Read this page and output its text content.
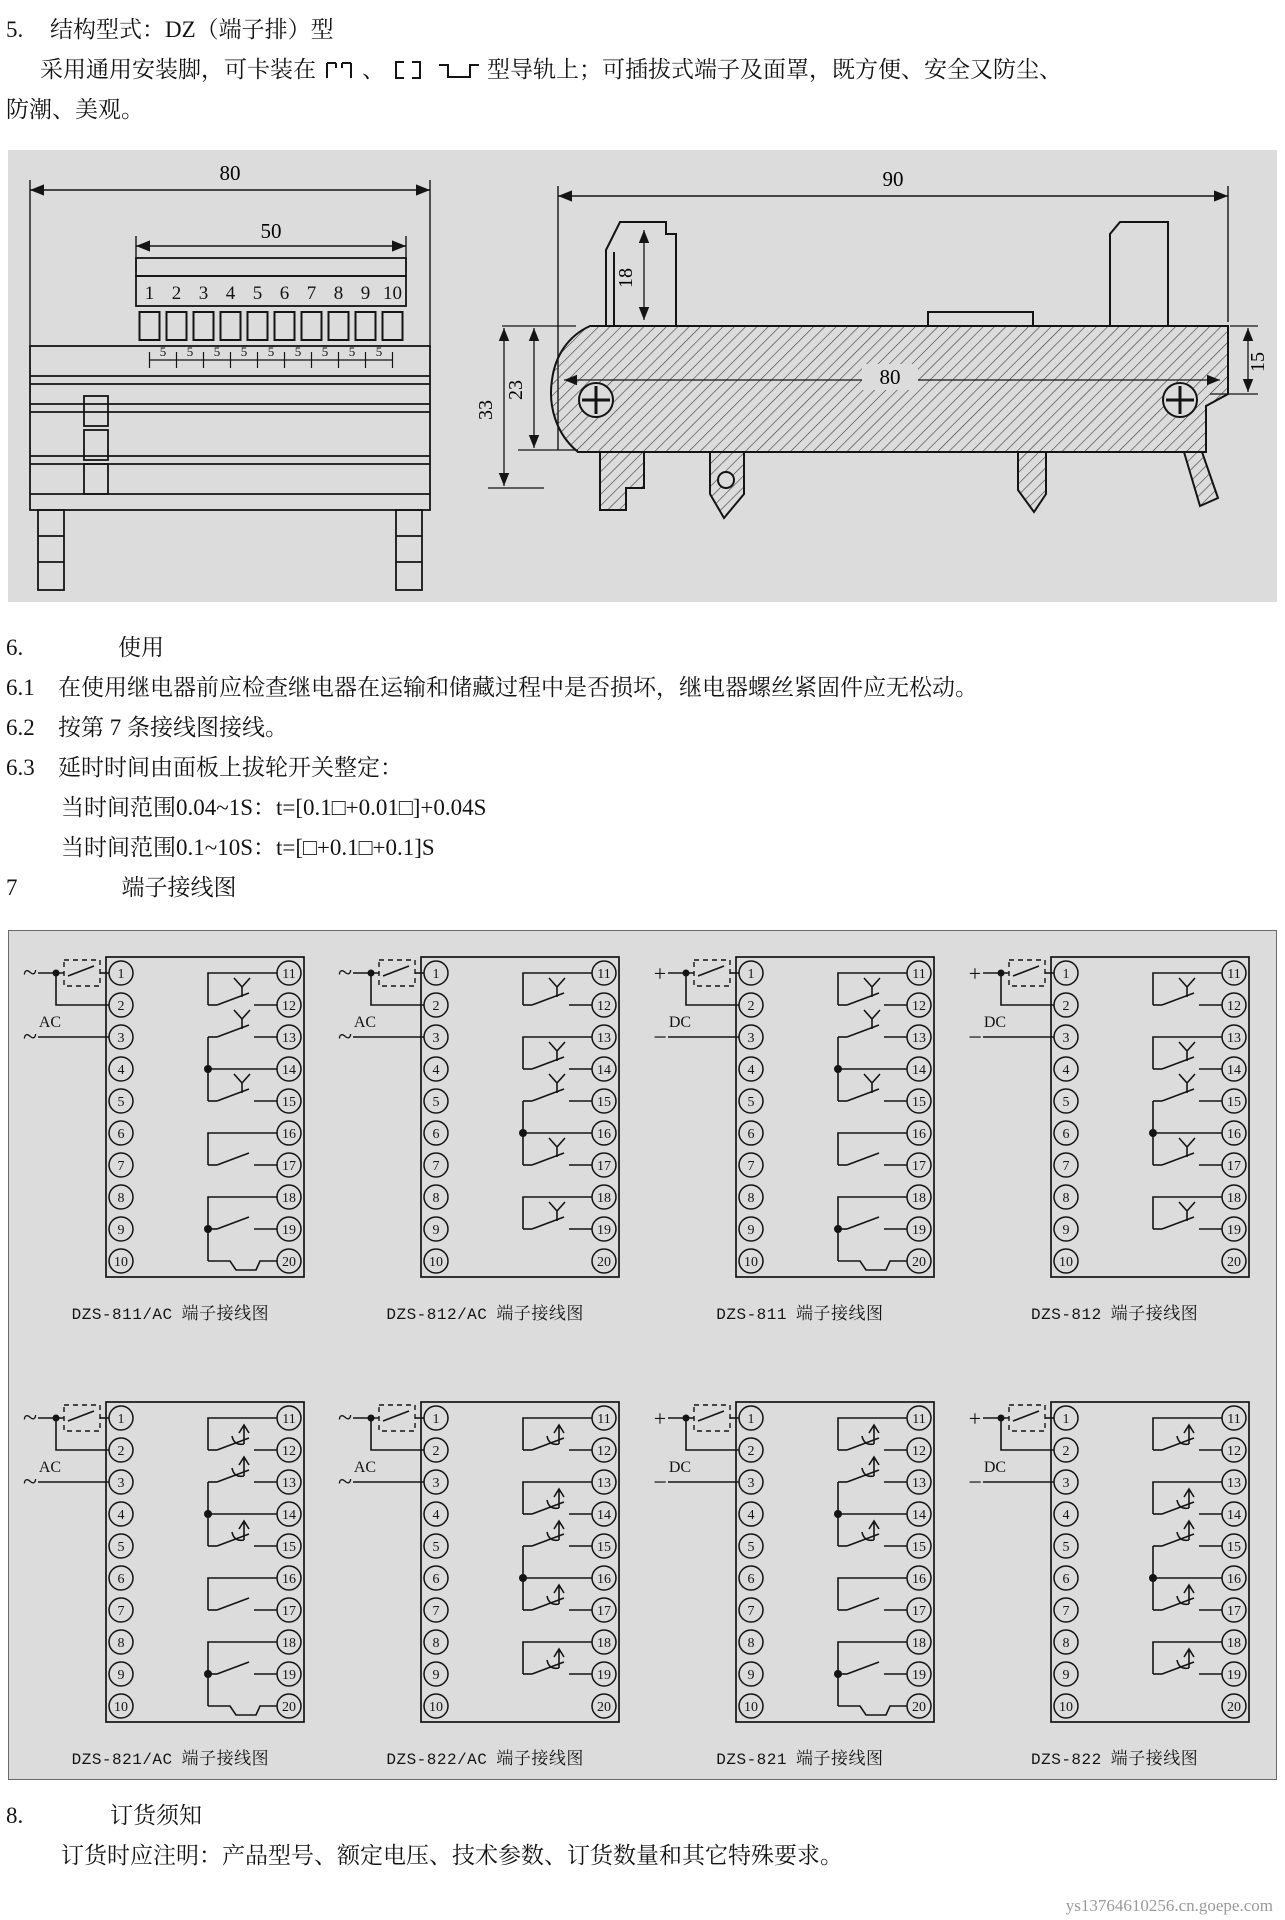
5. 结构型式：DZ（端子排）型
采用通用安装脚，可卡装在 、	型导轨上；可插拔式端子及面罩，既方便、安全又防尘、
防潮、美观。
80
50
1 2 3 4 5 6 7 8 9 10
5 5 5 5 5 5 5 5 5
90
18
80
23
33
15
6.	使用
6.1	在使用继电器前应检查继电器在运输和储藏过程中是否损坏，继电器螺丝紧固件应无松动。
6.2	按第 7 条接线图接线。
6.3	延时时间由面板上拔轮开关整定：
当时间范围0.04~1S：t=[0.1□+0.01□]+0.04S
当时间范围0.1~10S：t=[□+0.1□+0.1]S
7	端子接线图
1	11
2	12
3	13
4	14
5	15
6	16
7	17
8	18
9	19
10	20
~
AC
~
DZS-811/AC 端子接线图
1	11
2	12
3	13
4	14
5	15
6	16
7	17
8	18
9	19
10	20
~
AC
~
DZS-812/AC 端子接线图
1	11
2	12
3	13
4	14
5	15
6	16
7	17
8	18
9	19
10	20
+
DC
−
DZS-811 端子接线图
1	11
2	12
3	13
4	14
5	15
6	16
7	17
8	18
9	19
10	20
+
DC
−
DZS-812 端子接线图
1	11
2	12
3	13
4	14
5	15
6	16
7	17
8	18
9	19
10	20
~
AC
~
DZS-821/AC 端子接线图
1	11
2	12
3	13
4	14
5	15
6	16
7	17
8	18
9	19
10	20
~
AC
~
DZS-822/AC 端子接线图
1	11
2	12
3	13
4	14
5	15
6	16
7	17
8	18
9	19
10	20
+
DC
−
DZS-821 端子接线图
1	11
2	12
3	13
4	14
5	15
6	16
7	17
8	18
9	19
10	20
+
DC
−
DZS-822 端子接线图
8.	订货须知
订货时应注明：产品型号、额定电压、技术参数、订货数量和其它特殊要求。
ys13764610256.cn.goepe.com
